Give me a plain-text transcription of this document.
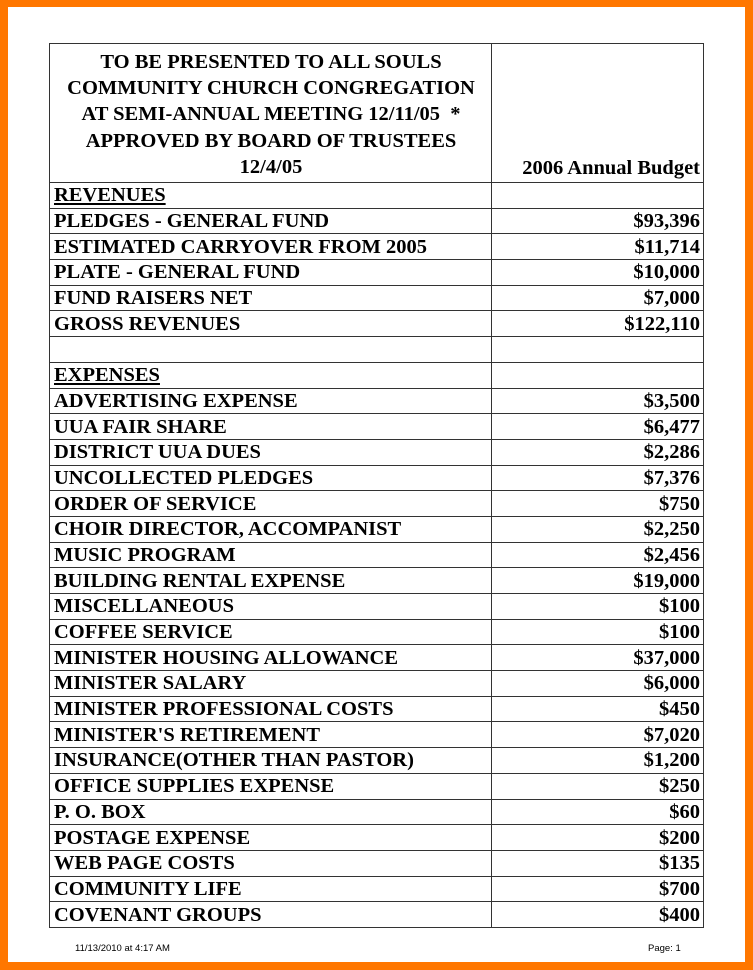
TO BE PRESENTED TO ALL SOULS
COMMUNITY CHURCH CONGREGATION
AT SEMI-ANNUAL MEETING 12/11/05  *
APPROVED BY BOARD OF TRUSTEES
12/4/05	2006 Annual Budget
REVENUES	
PLEDGES - GENERAL FUND	$93,396
ESTIMATED CARRYOVER FROM 2005	$11,714
PLATE - GENERAL FUND	$10,000
FUND RAISERS NET	$7,000
GROSS REVENUES	$122,110

EXPENSES	
ADVERTISING EXPENSE	$3,500
UUA FAIR SHARE	$6,477
DISTRICT UUA DUES	$2,286
UNCOLLECTED PLEDGES	$7,376
ORDER OF SERVICE	$750
CHOIR DIRECTOR, ACCOMPANIST	$2,250
MUSIC PROGRAM	$2,456
BUILDING RENTAL EXPENSE	$19,000
MISCELLANEOUS	$100
COFFEE SERVICE	$100
MINISTER HOUSING ALLOWANCE	$37,000
MINISTER SALARY	$6,000
MINISTER PROFESSIONAL COSTS	$450
MINISTER'S RETIREMENT	$7,020
INSURANCE(OTHER THAN PASTOR)	$1,200
OFFICE SUPPLIES EXPENSE	$250
P. O. BOX	$60
POSTAGE EXPENSE	$200
WEB PAGE COSTS	$135
COMMUNITY LIFE	$700
COVENANT GROUPS	$400
11/13/2010 at 4:17 AM	Page: 1
